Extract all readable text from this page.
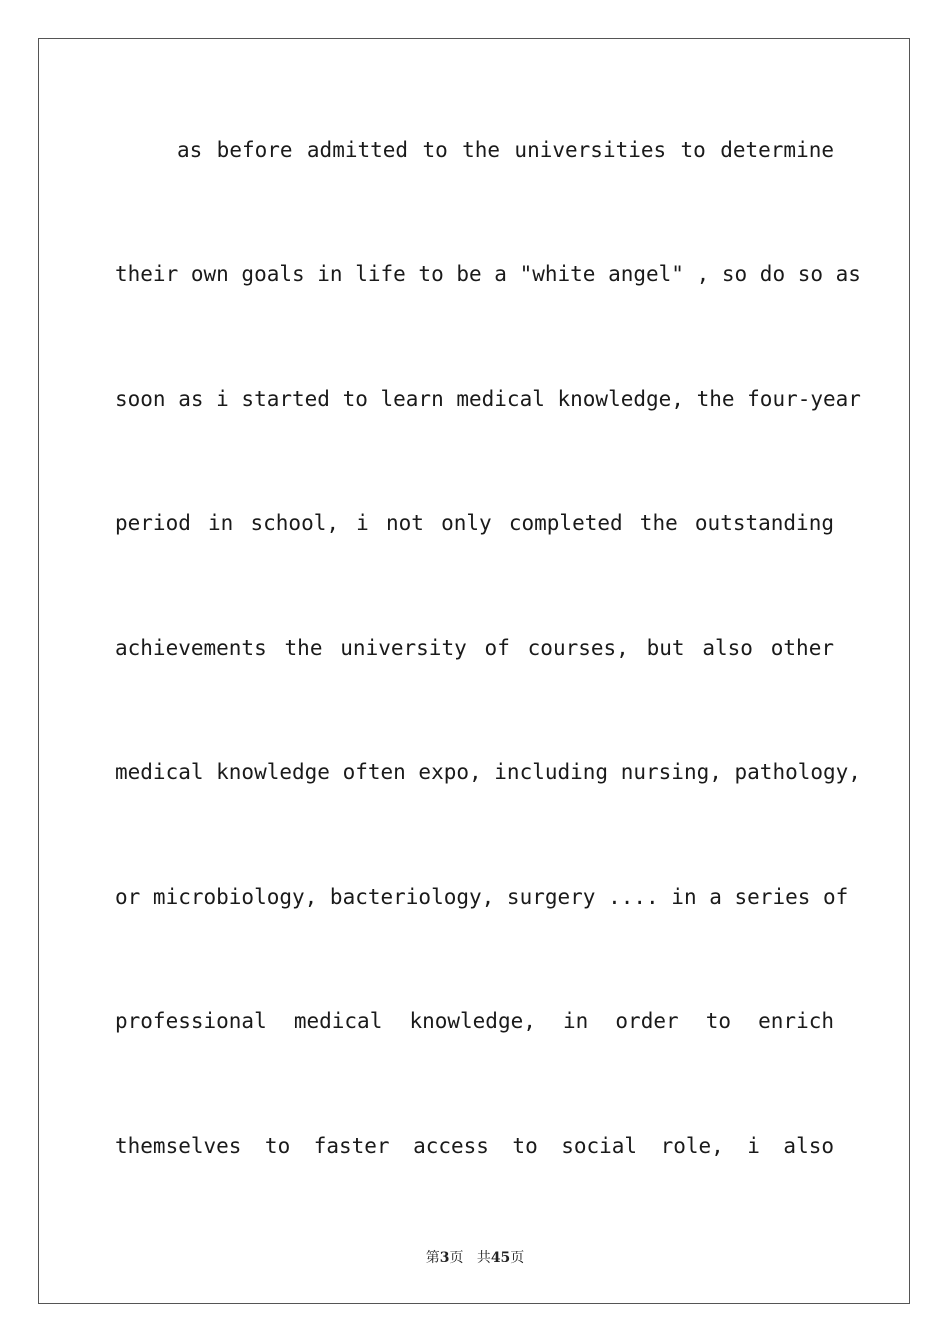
as before admitted to the universities to determine
their own goals in life to be a "white angel" , so do so as
soon as i started to learn medical knowledge, the four-year
period in school, i not only completed the outstanding
achievements the university of courses, but also other
medical knowledge often expo, including nursing, pathology,
or microbiology, bacteriology, surgery .... in a series of
professional medical knowledge, in order to enrich
themselves to faster access to social role, i also
第3页 共45页
